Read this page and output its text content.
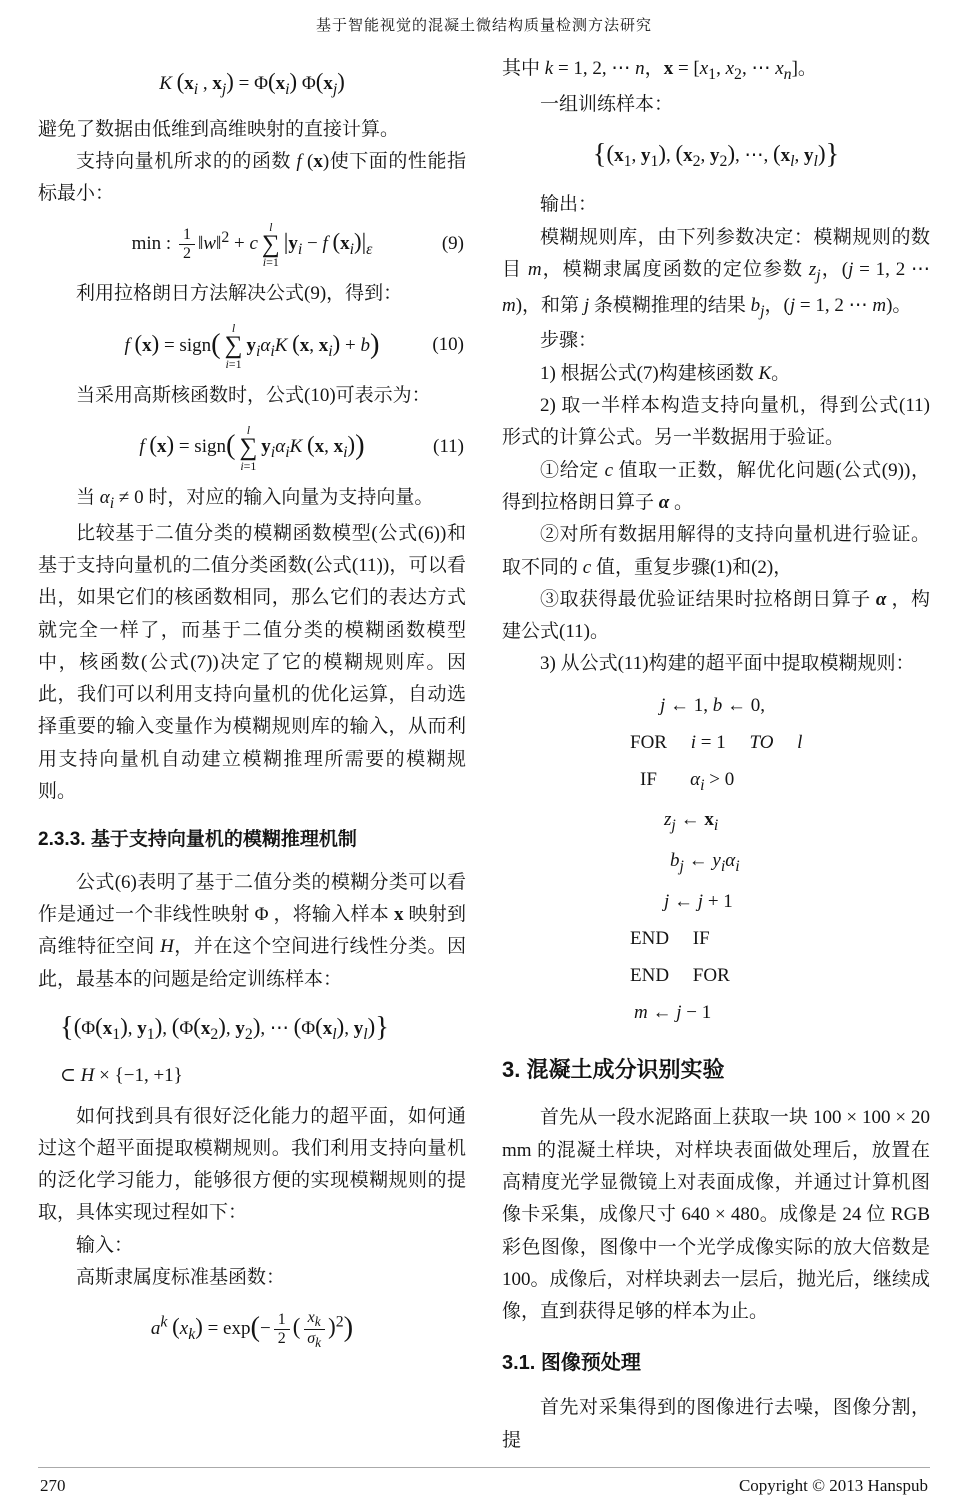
基于智能视觉的混凝土微结构质量检测方法研究
K ($x_i$ , $x_j) = \Phi(x_i)$ $\Phi(x_j)$

避免了数据由低维到高维映射的直接计算。

支持向量机所求的的函数 f (x)使下面的性能指标最小：

min : $\frac{1}{2}$ ‖w‖$^2$ + c
l
∑
i=1
$|y_i - f$ $(x_i)|_\varepsilon$	(9)

利用拉格朗日方法解决公式(9)，得到：

f (x) = sign(
l
∑
i=1
$y_i\alpha_iK$ (x, $x_i) + b$)	(10)

当采用高斯核函数时，公式(10)可表示为：

f (x) = sign(
l
∑
i=1
$y_i\alpha_iK$ (x, $x_i$))	(11)

当 $\alpha_i \ne 0$ 时，对应的输入向量为支持向量。

比较基于二值分类的模糊函数模型(公式(6))和基于支持向量机的二值分类函数(公式(11))，可以看出，如果它们的核函数相同，那么它们的表达方式就完全一样了，而基于二值分类的模糊函数模型中，核函数(公式(7))决定了它的模糊规则库。因此，我们可以利用支持向量机的优化运算，自动选择重要的输入变量作为模糊规则库的输入，从而利用支持向量机自动建立模糊推理所需要的模糊规则。

2.3.3. 基于支持向量机的模糊推理机制

公式(6)表明了基于二值分类的模糊分类可以看作是通过一个非线性映射 Φ ，将输入样本 x 映射到高维特征空间 H，并在这个空间进行线性分类。因此，最基本的问题是给定训练样本：

{($\Phi(x_1)$, $y_1$), ($\Phi(x_2)$, $y_2$), ⋯ ($\Phi(x_l)$, $y_l$)}
⊂ H × {−1, +1}

如何找到具有很好泛化能力的超平面，如何通过这个超平面提取模糊规则。我们利用支持向量机的泛化学习能力，能够很方便的实现模糊规则的提取，具体实现过程如下：

输入：

高斯隶属度标准基函数：

$a^k$ $(x_k) = \exp(- \frac{1}{2}$ ( $\frac{x_k}{\sigma_k} )^2$)

其中 k = 1, 2, ⋯ n，$x = [x_1$, $x_2$, ⋯ $x_n$]。

一组训练样本：

{($x_1$, $y_1$), ($x_2$, $y_2$), ⋯, ($x_l$, $y_l$)}

输出：

模糊规则库，由下列参数决定：模糊规则的数目 m，模糊隶属度函数的定位参数 $z_j$，(j = 1, 2 ⋯ m)，和第 j 条模糊推理的结果 $b_j$，(j = 1, 2 ⋯ m)。

步骤：

1) 根据公式(7)构建核函数 K。

2) 取一半样本构造支持向量机，得到公式(11)形式的计算公式。另一半数据用于验证。

①给定 c 值取一正数，解优化问题(公式(9))，得到拉格朗日算子 α 。

②对所有数据用解得的支持向量机进行验证。取不同的 c 值，重复步骤(1)和(2)，

③取获得最优验证结果时拉格朗日算子 α ，构建公式(11)。

3) 从公式(11)构建的超平面中提取模糊规则：

j ← 1, b ← 0,
FOR     i = 1     TO l
IF       $\alpha_i > 0$
$z_j$ ← $x_i$
$b_j$ ← $y_i\alpha_i$
j ← j + 1
END     IF
END     FOR
m ← j − 1
3. 混凝土成分识别实验

首先从一段水泥路面上获取一块 100 × 100 × 20 mm 的混凝土样块，对样块表面做处理后，放置在高精度光学显微镜上对表面成像，并通过计算机图像卡采集，成像尺寸 640 × 480。成像是 24 位 RGB 彩色图像，图像中一个光学成像实际的放大倍数是 100。成像后，对样块剥去一层后，抛光后，继续成像，直到获得足够的样本为止。

3.1. 图像预处理

首先对采集得到的图像进行去噪，图像分割，提

270	Copyright © 2013 Hanspub
